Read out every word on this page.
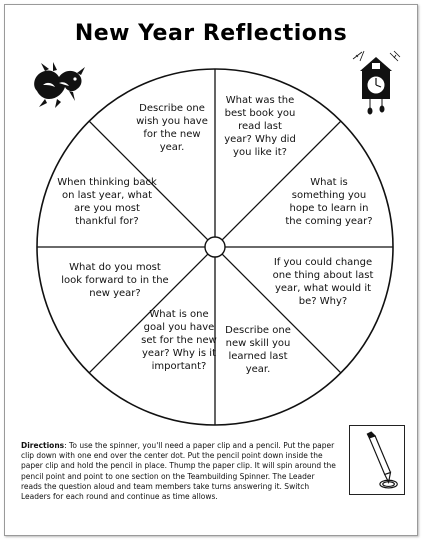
New Year Reflections
Describe one wish you have for the new year.
What was the best book you read last year? Why did you like it?
When thinking back on last year, what are you most thankful for?
What is something you hope to learn in the coming year?
What do you most look forward to in the new year?
If you could change one thing about last year, what would it be? Why?
What is one goal you have set for the new year? Why is it important?
Describe one new skill you learned last year.
Directions: To use the spinner, you'll need a paper clip and a pencil. Put the paper clip down with one end over the center dot. Put the pencil point down inside the paper clip and hold the pencil in place. Thump the paper clip. It will spin around the pencil point and point to one section on the Teambuilding Spinner. The Leader reads the question aloud and team members take turns answering it. Switch Leaders for each round and continue as time allows.
